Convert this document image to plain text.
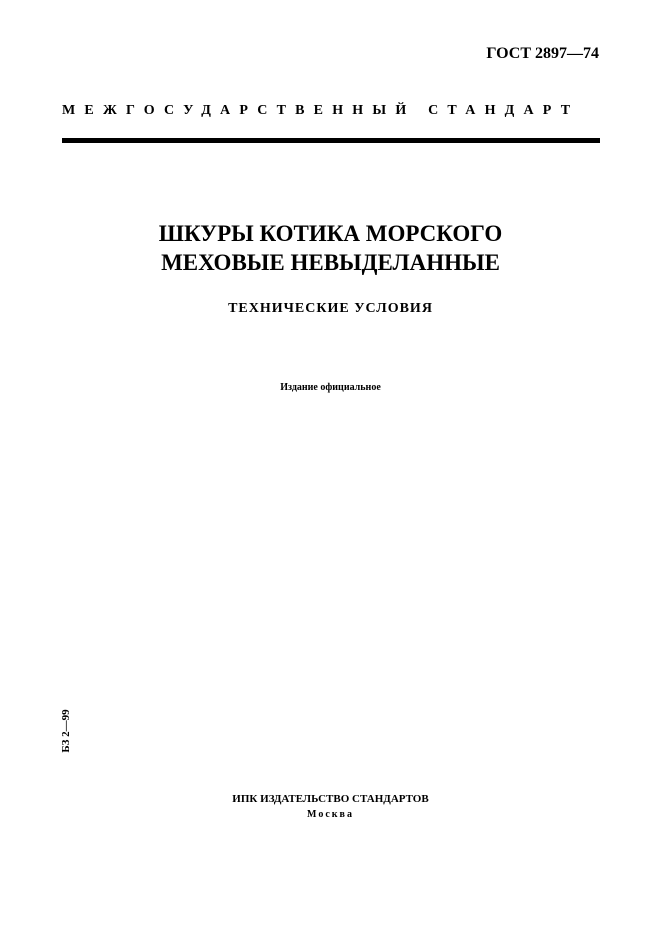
ГОСТ 2897—74
МЕЖГОСУДАРСТВЕННЫЙ СТАНДАРТ
ШКУРЫ КОТИКА МОРСКОГО
МЕХОВЫЕ НЕВЫДЕЛАННЫЕ
ТЕХНИЧЕСКИЕ УСЛОВИЯ
Издание официальное
БЗ 2—99
ИПК ИЗДАТЕЛЬСТВО СТАНДАРТОВ
Москва
